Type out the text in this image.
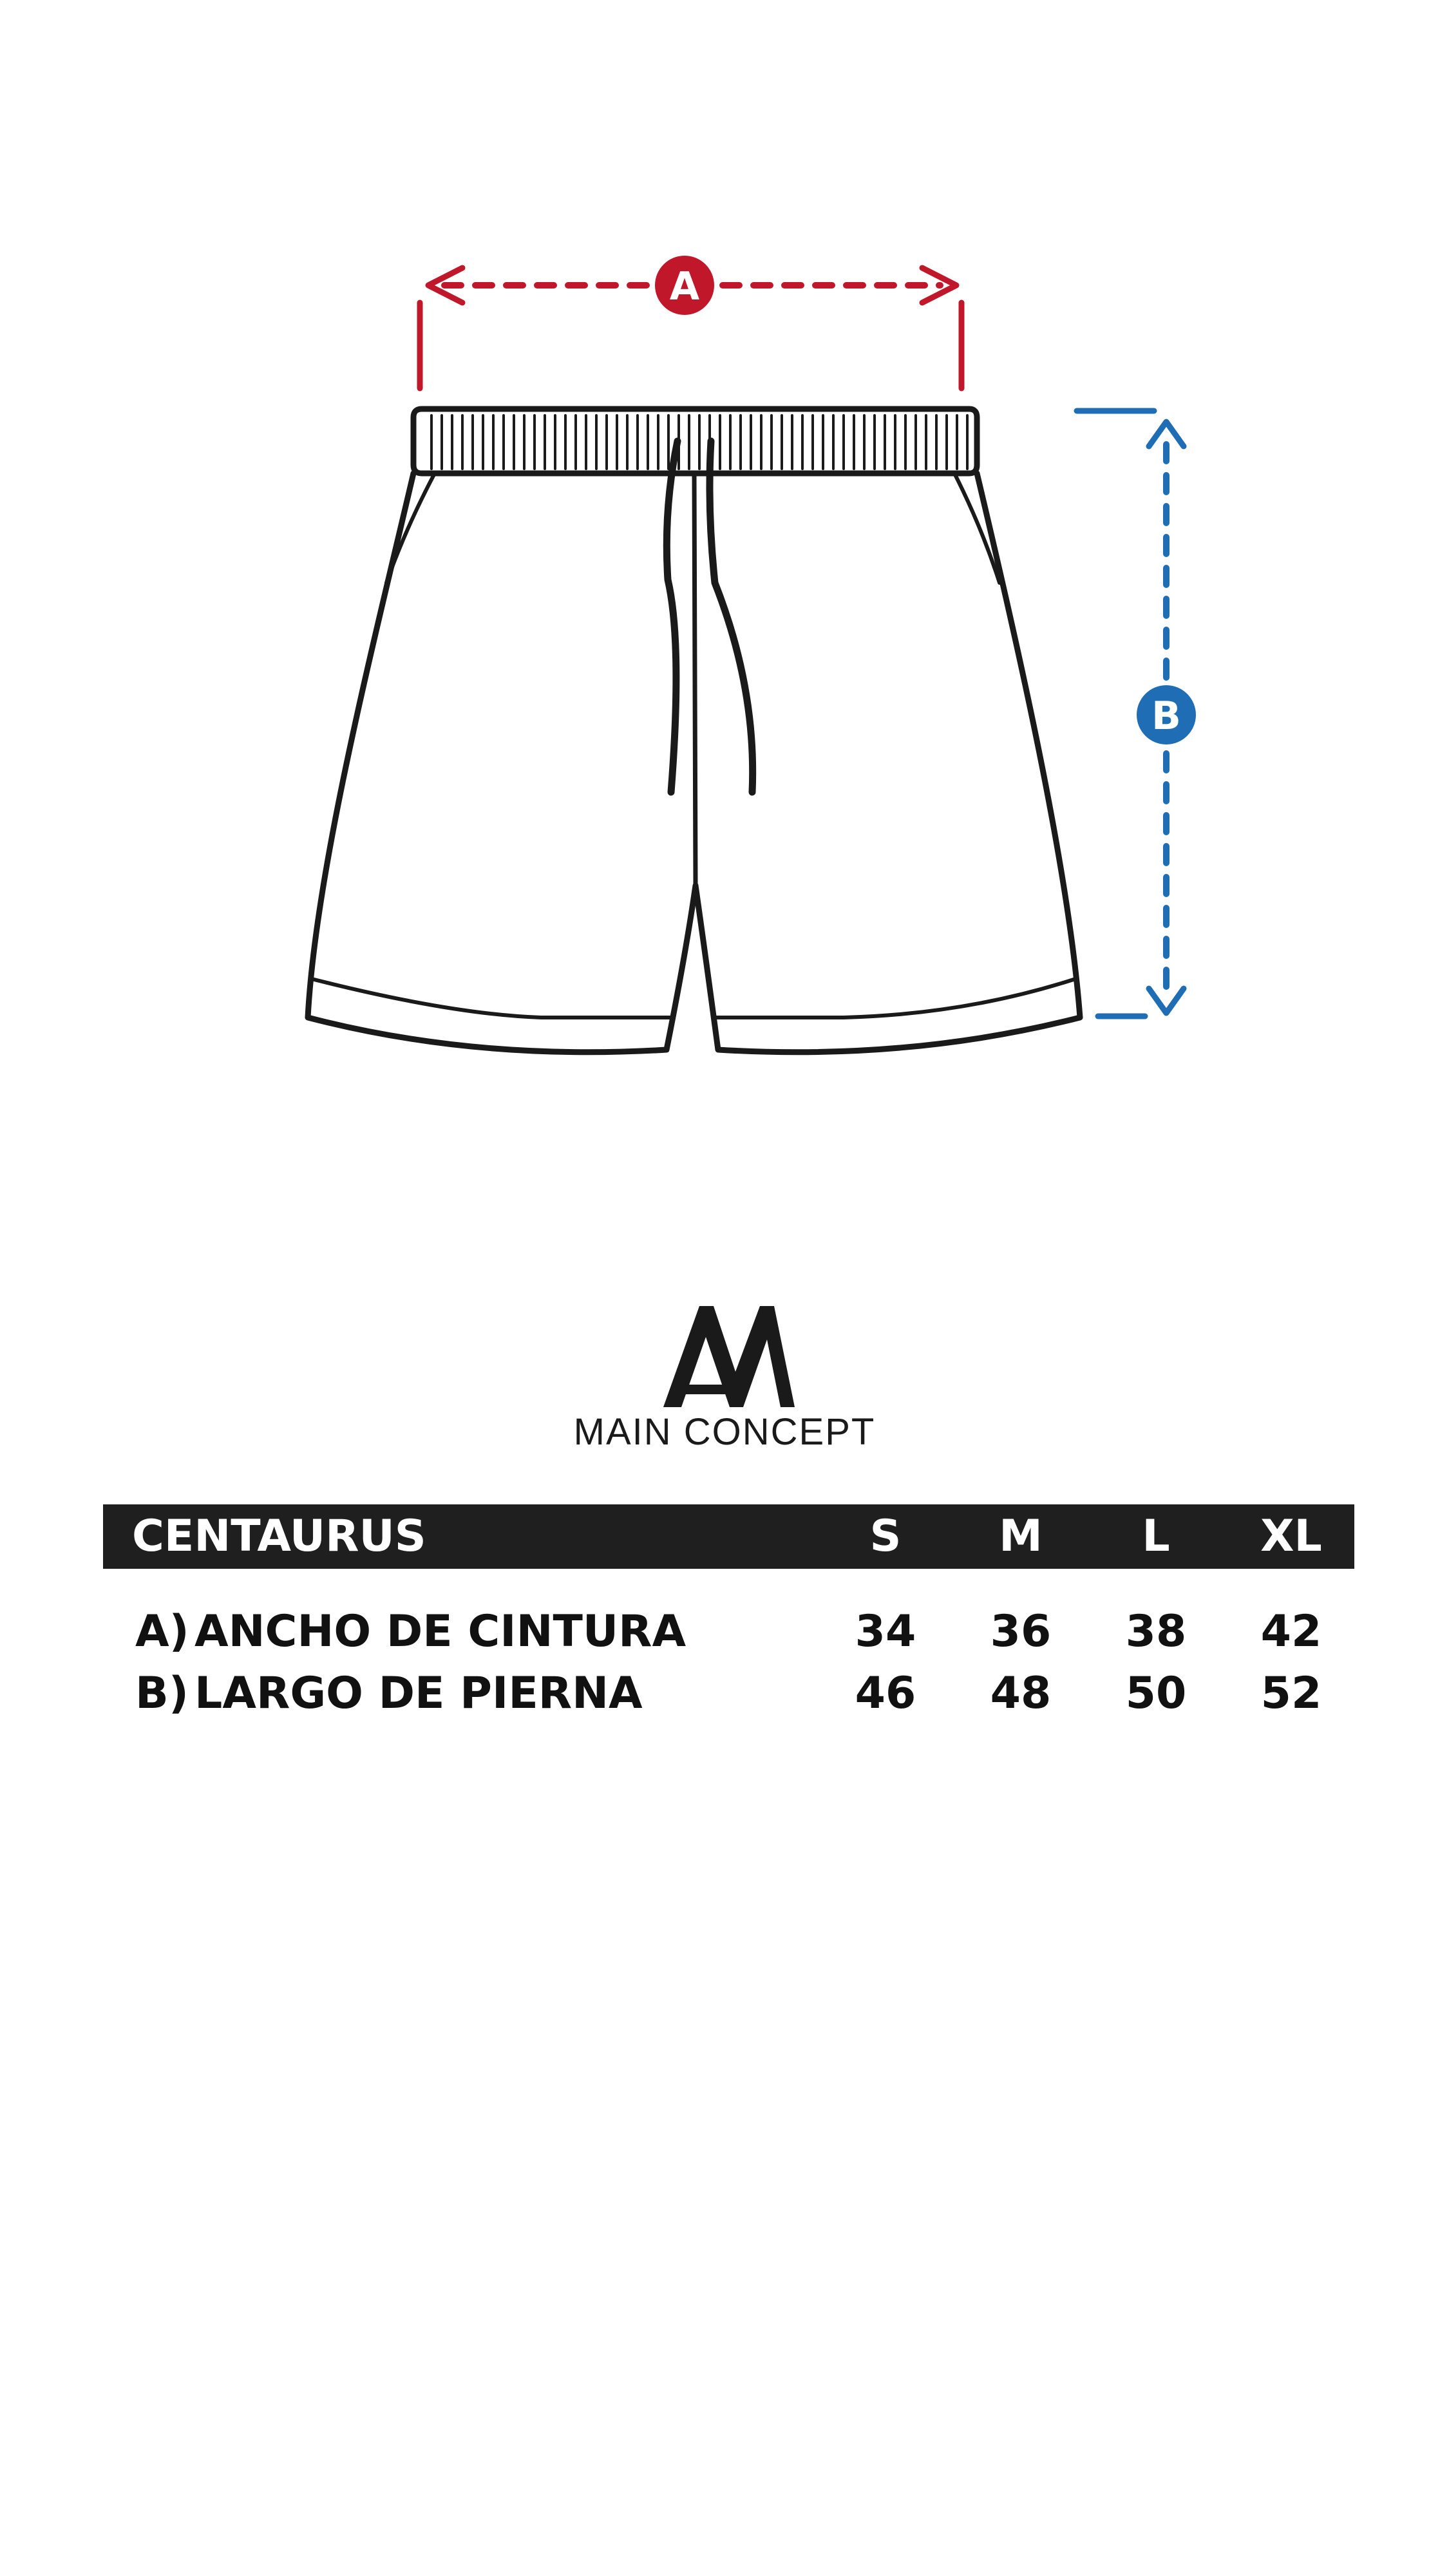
A
B
MAIN CONCEPT
CENTAURUS	S	M	L	XL
A) ANCHO DE CINTURA	34	36	38	42
B) LARGO DE PIERNA	46	48	50	52
